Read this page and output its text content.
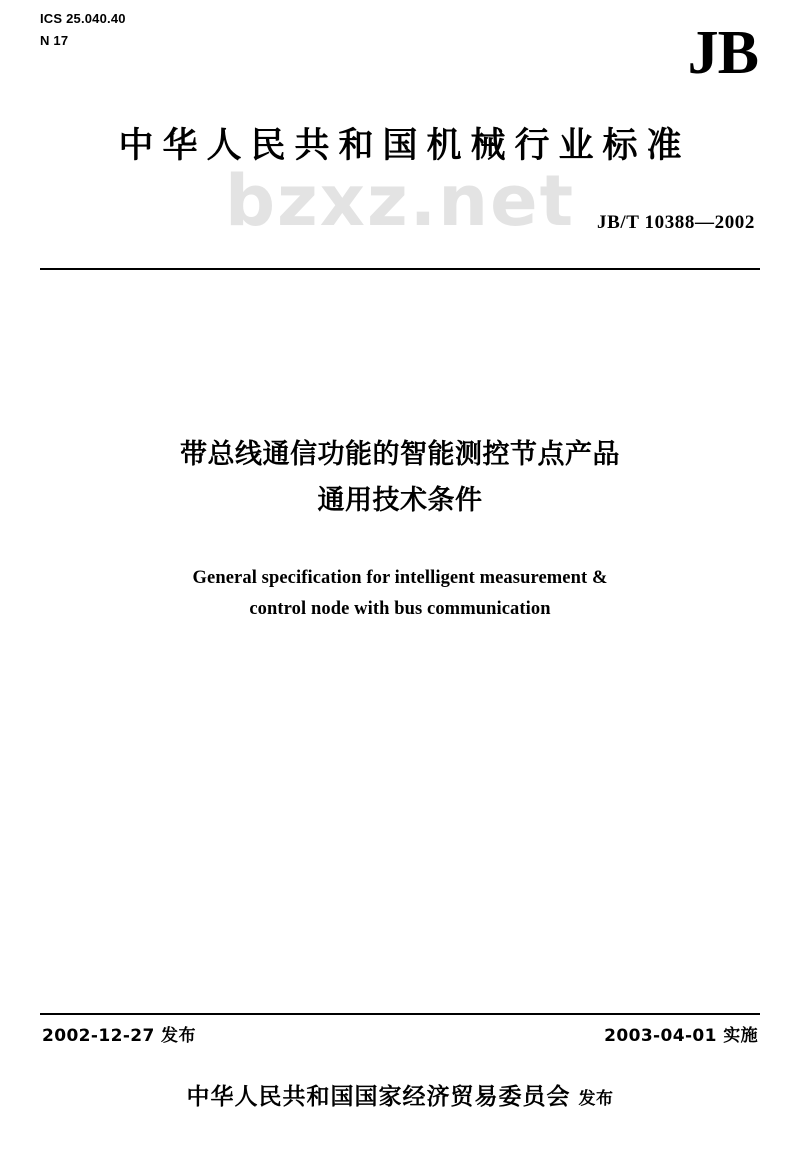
ICS 25.040.40
N 17	JB
中华人民共和国机械行业标准
JB/T 10388—2002
bzxz.net
带总线通信功能的智能测控节点产品
通用技术条件
General specification for intelligent measurement &
control node with bus communication
2002-12-27 发布	2003-04-01 实施
中华人民共和国国家经济贸易委员会 发布
